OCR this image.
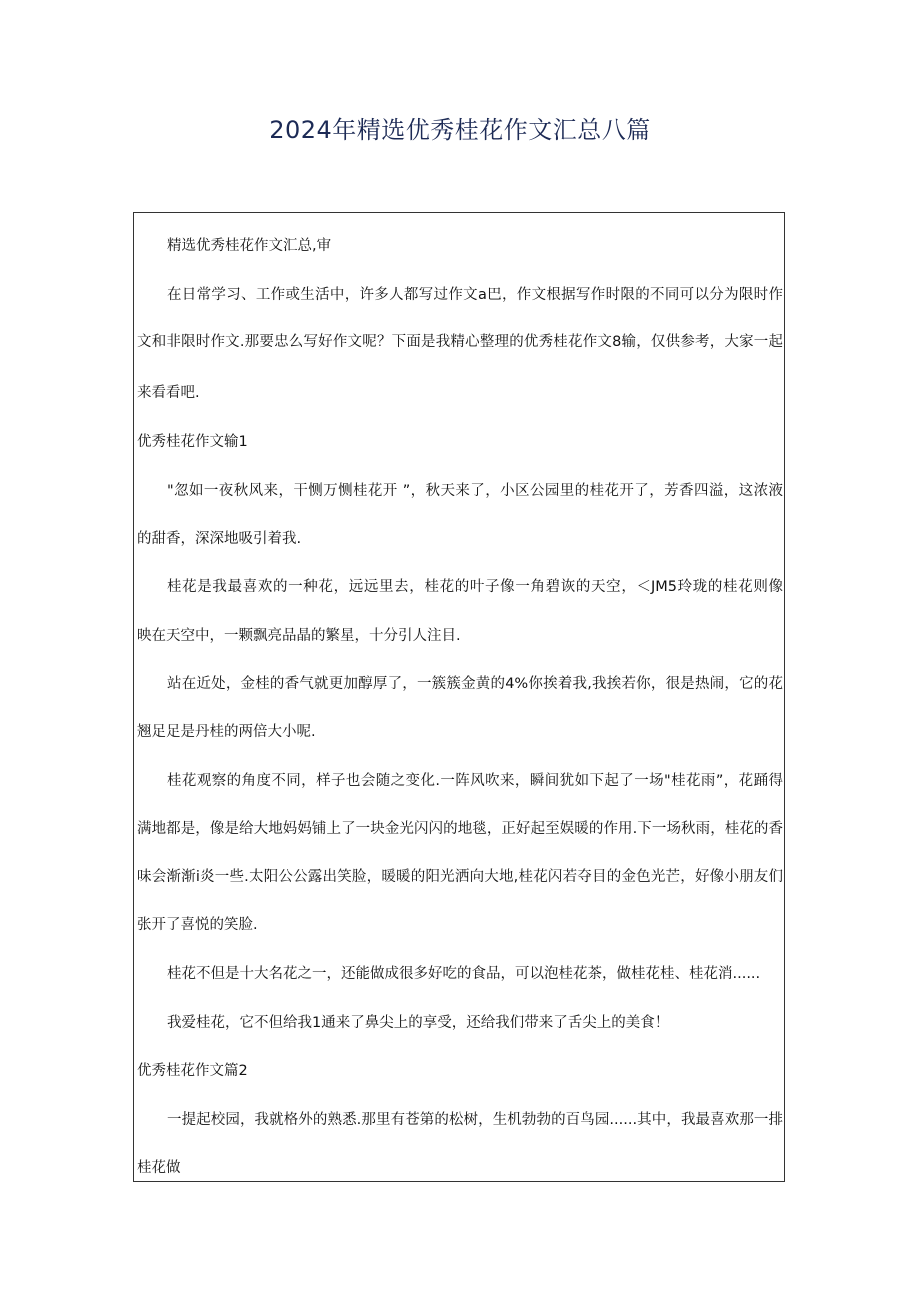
2024年精选优秀桂花作文汇总八篇
精选优秀桂花作文汇总,审
在日常学习、工作或生活中，许多人都写过作文a巴，作文根据写作时限的不同可以分为限时作
文和非限时作文.那要忠么写好作文呢？下面是我精心整理的优秀桂花作文8输，仅供参考，大家一起
来看看吧.
优秀桂花作文输1
"忽如一夜秋风来，干恻万恻桂花开 ”，秋天来了，小区公园里的桂花开了，芳香四溢，这浓液
的甜香，深深地吸引着我.
桂花是我最喜欢的一种花，远远里去，桂花的叶子像一角碧诙的天空，＜JM5玲珑的桂花则像
映在天空中，一颗飘亮品晶的繁星，十分引人注目.
站在近处，金桂的香气就更加醇厚了，一簇簇金黄的4%你挨着我,我挨若你，很是热闹，它的花
翘足足是丹桂的两倍大小呢.
桂花观察的角度不同，样子也会随之变化.一阵风吹来，瞬间犹如下起了一场"桂花雨”，花踊得
满地都是，像是给大地妈妈铺上了一块金光闪闪的地毯，正好起至娱暖的作用.下一场秋雨，桂花的香
味会渐渐i炎一些.太阳公公露出笑脸，暖暖的阳光洒向大地,桂花闪若夺目的金色光芒，好像小朋友们
张开了喜悦的笑脸.
桂花不但是十大名花之一，还能做成很多好吃的食品，可以泡桂花茶，做桂花桂、桂花消......
我爱桂花，它不但给我1通来了鼻尖上的享受，还给我们带来了舌尖上的美食！
优秀桂花作文篇2
一提起校园，我就格外的熟悉.那里有苍第的松树，生机勃勃的百鸟园......其中，我最喜欢那一排
桂花做
